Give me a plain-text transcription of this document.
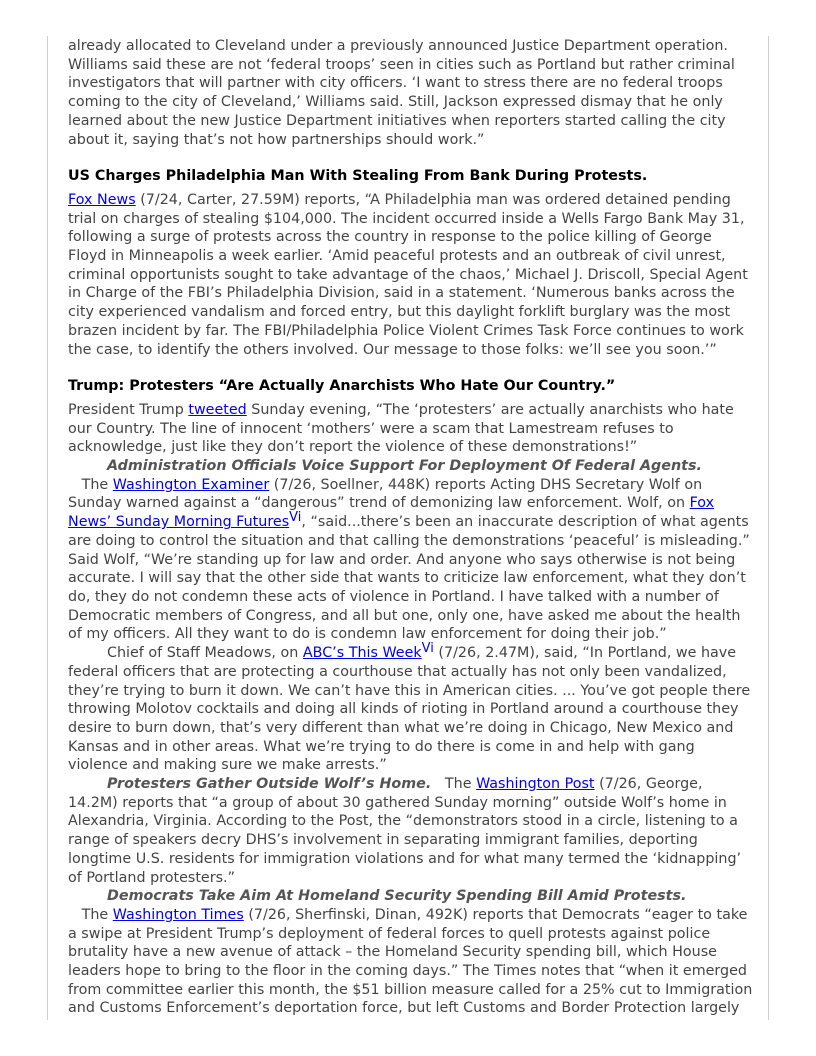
already allocated to Cleveland under a previously announced Justice Department operation. Williams said these are not ‘federal troops’ seen in cities such as Portland but rather criminal investigators that will partner with city officers. ‘I want to stress there are no federal troops coming to the city of Cleveland,’ Williams said. Still, Jackson expressed dismay that he only learned about the new Justice Department initiatives when reporters started calling the city about it, saying that’s not how partnerships should work.”

US Charges Philadelphia Man With Stealing From Bank During Protests.

Fox News (7/24, Carter, 27.59M) reports, “A Philadelphia man was ordered detained pending trial on charges of stealing $104,000. The incident occurred inside a Wells Fargo Bank May 31, following a surge of protests across the country in response to the police killing of George Floyd in Minneapolis a week earlier. ‘Amid peaceful protests and an outbreak of civil unrest, criminal opportunists sought to take advantage of the chaos,’ Michael J. Driscoll, Special Agent in Charge of the FBI’s Philadelphia Division, said in a statement. ‘Numerous banks across the city experienced vandalism and forced entry, but this daylight forklift burglary was the most brazen incident by far. The FBI/Philadelphia Police Violent Crimes Task Force continues to work the case, to identify the others involved. Our message to those folks: we’ll see you soon.’”

Trump: Protesters “Are Actually Anarchists Who Hate Our Country.”

President Trump tweeted Sunday evening, “The ‘protesters’ are actually anarchists who hate our Country. The line of innocent ‘mothers’ were a scam that Lamestream refuses to acknowledge, just like they don’t report the violence of these demonstrations!”

Administration Officials Voice Support For Deployment Of Federal Agents.   The Washington Examiner (7/26, Soellner, 448K) reports Acting DHS Secretary Wolf on Sunday warned against a “dangerous” trend of demonizing law enforcement. Wolf, on Fox News’ Sunday Morning Futures$^{Vi}$, “said...there’s been an inaccurate description of what agents are doing to control the situation and that calling the demonstrations ‘peaceful’ is misleading.” Said Wolf, “We’re standing up for law and order. And anyone who says otherwise is not being accurate. I will say that the other side that wants to criticize law enforcement, what they don’t do, they do not condemn these acts of violence in Portland. I have talked with a number of Democratic members of Congress, and all but one, only one, have asked me about the health of my officers. All they want to do is condemn law enforcement for doing their job.”

Chief of Staff Meadows, on ABC’s This Week$^{Vi}$ (7/26, 2.47M), said, “In Portland, we have federal officers that are protecting a courthouse that actually has not only been vandalized, they’re trying to burn it down. We can’t have this in American cities. ... You’ve got people there throwing Molotov cocktails and doing all kinds of rioting in Portland around a courthouse they desire to burn down, that’s very different than what we’re doing in Chicago, New Mexico and Kansas and in other areas. What we’re trying to do there is come in and help with gang violence and making sure we make arrests.”

Protesters Gather Outside Wolf’s Home.   The Washington Post (7/26, George, 14.2M) reports that “a group of about 30 gathered Sunday morning” outside Wolf’s home in Alexandria, Virginia. According to the Post, the “demonstrators stood in a circle, listening to a range of speakers decry DHS’s involvement in separating immigrant families, deporting longtime U.S. residents for immigration violations and for what many termed the ‘kidnapping’ of Portland protesters.”

Democrats Take Aim At Homeland Security Spending Bill Amid Protests.   The Washington Times (7/26, Sherfinski, Dinan, 492K) reports that Democrats “eager to take a swipe at President Trump’s deployment of federal forces to quell protests against police brutality have a new avenue of attack – the Homeland Security spending bill, which House leaders hope to bring to the floor in the coming days.” The Times notes that “when it emerged from committee earlier this month, the $51 billion measure called for a 25% cut to Immigration and Customs Enforcement’s deportation force, but left Customs and Border Protection largely
